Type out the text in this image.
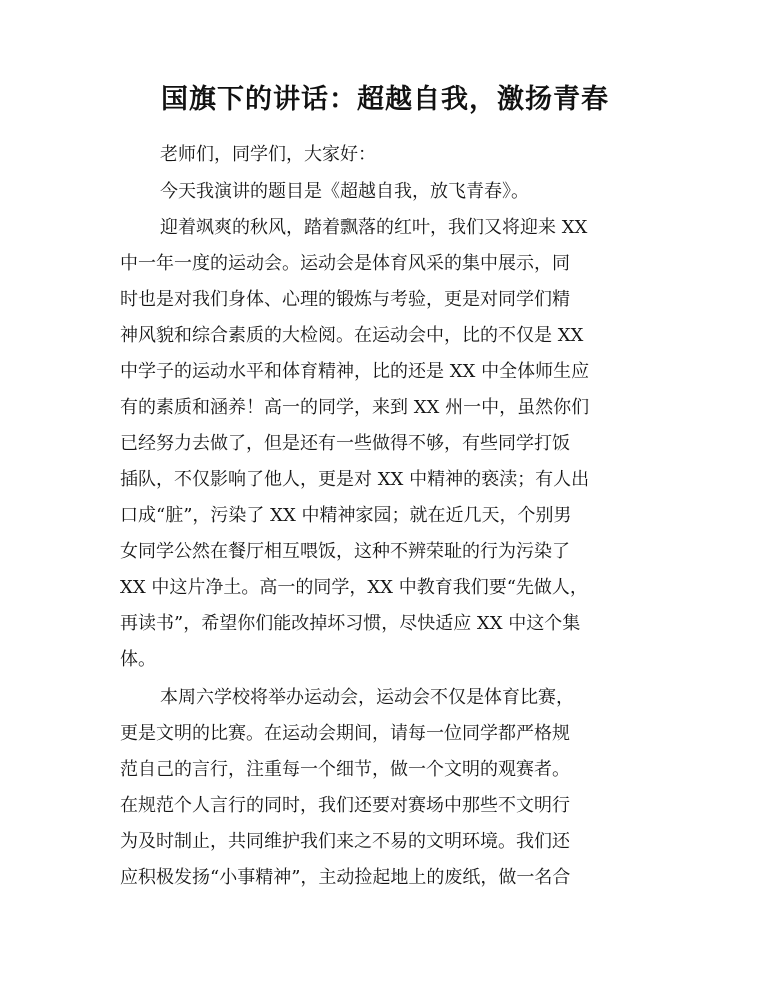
国旗下的讲话：超越自我，激扬青春
老师们，同学们，大家好：
今天我演讲的题目是《超越自我，放飞青春》。
迎着飒爽的秋风，踏着飘落的红叶，我们又将迎来 XX
中一年一度的运动会。运动会是体育风采的集中展示，同
时也是对我们身体、心理的锻炼与考验，更是对同学们精
神风貌和综合素质的大检阅。在运动会中，比的不仅是 XX
中学子的运动水平和体育精神，比的还是 XX 中全体师生应
有的素质和涵养！高一的同学，来到 XX 州一中，虽然你们
已经努力去做了，但是还有一些做得不够，有些同学打饭
插队，不仅影响了他人，更是对 XX 中精神的亵渎；有人出
口成“脏”，污染了 XX 中精神家园；就在近几天，个别男
女同学公然在餐厅相互喂饭，这种不辨荣耻的行为污染了
XX 中这片净土。高一的同学，XX 中教育我们要“先做人，
再读书”，希望你们能改掉坏习惯，尽快适应 XX 中这个集
体。
本周六学校将举办运动会，运动会不仅是体育比赛，
更是文明的比赛。在运动会期间，请每一位同学都严格规
范自己的言行，注重每一个细节，做一个文明的观赛者。
在规范个人言行的同时，我们还要对赛场中那些不文明行
为及时制止，共同维护我们来之不易的文明环境。我们还
应积极发扬“小事精神”，主动捡起地上的废纸，做一名合
